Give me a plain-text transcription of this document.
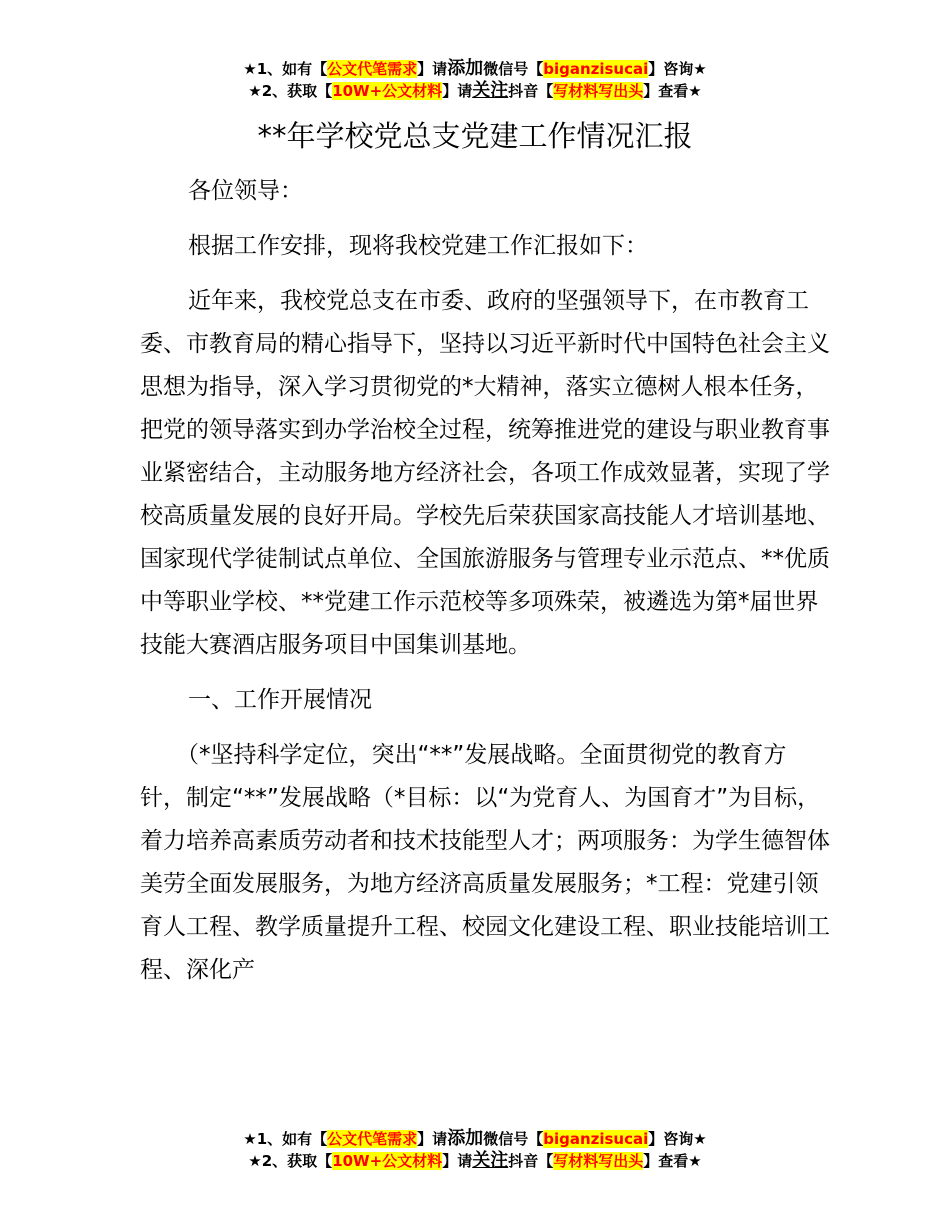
★1、如有【公文代笔需求】请添加微信号【biganzisucai】咨询★
★2、获取【10W+公文材料】请关注抖音【写材料写出头】查看★
**年学校党总支党建工作情况汇报

各位领导：

根据工作安排，现将我校党建工作汇报如下：

近年来，我校党总支在市委、政府的坚强领导下，在市教育工委、市教育局的精心指导下，坚持以习近平新时代中国特色社会主义思想为指导，深入学习贯彻党的*大精神，落实立德树人根本任务，把党的领导落实到办学治校全过程，统筹推进党的建设与职业教育事业紧密结合，主动服务地方经济社会，各项工作成效显著，实现了学校高质量发展的良好开局。学校先后荣获国家高技能人才培训基地、国家现代学徒制试点单位、全国旅游服务与管理专业示范点、**优质中等职业学校、**党建工作示范校等多项殊荣，被遴选为第*届世界技能大赛酒店服务项目中国集训基地。

一、工作开展情况

（*坚持科学定位，突出“**”发展战略。全面贯彻党的教育方针，制定“**”发展战略（*目标：以“为党育人、为国育才”为目标，着力培养高素质劳动者和技术技能型人才；两项服务：为学生德智体美劳全面发展服务，为地方经济高质量发展服务；*工程：党建引领育人工程、教学质量提升工程、校园文化建设工程、职业技能培训工程、深化产

★1、如有【公文代笔需求】请添加微信号【biganzisucai】咨询★
★2、获取【10W+公文材料】请关注抖音【写材料写出头】查看★
